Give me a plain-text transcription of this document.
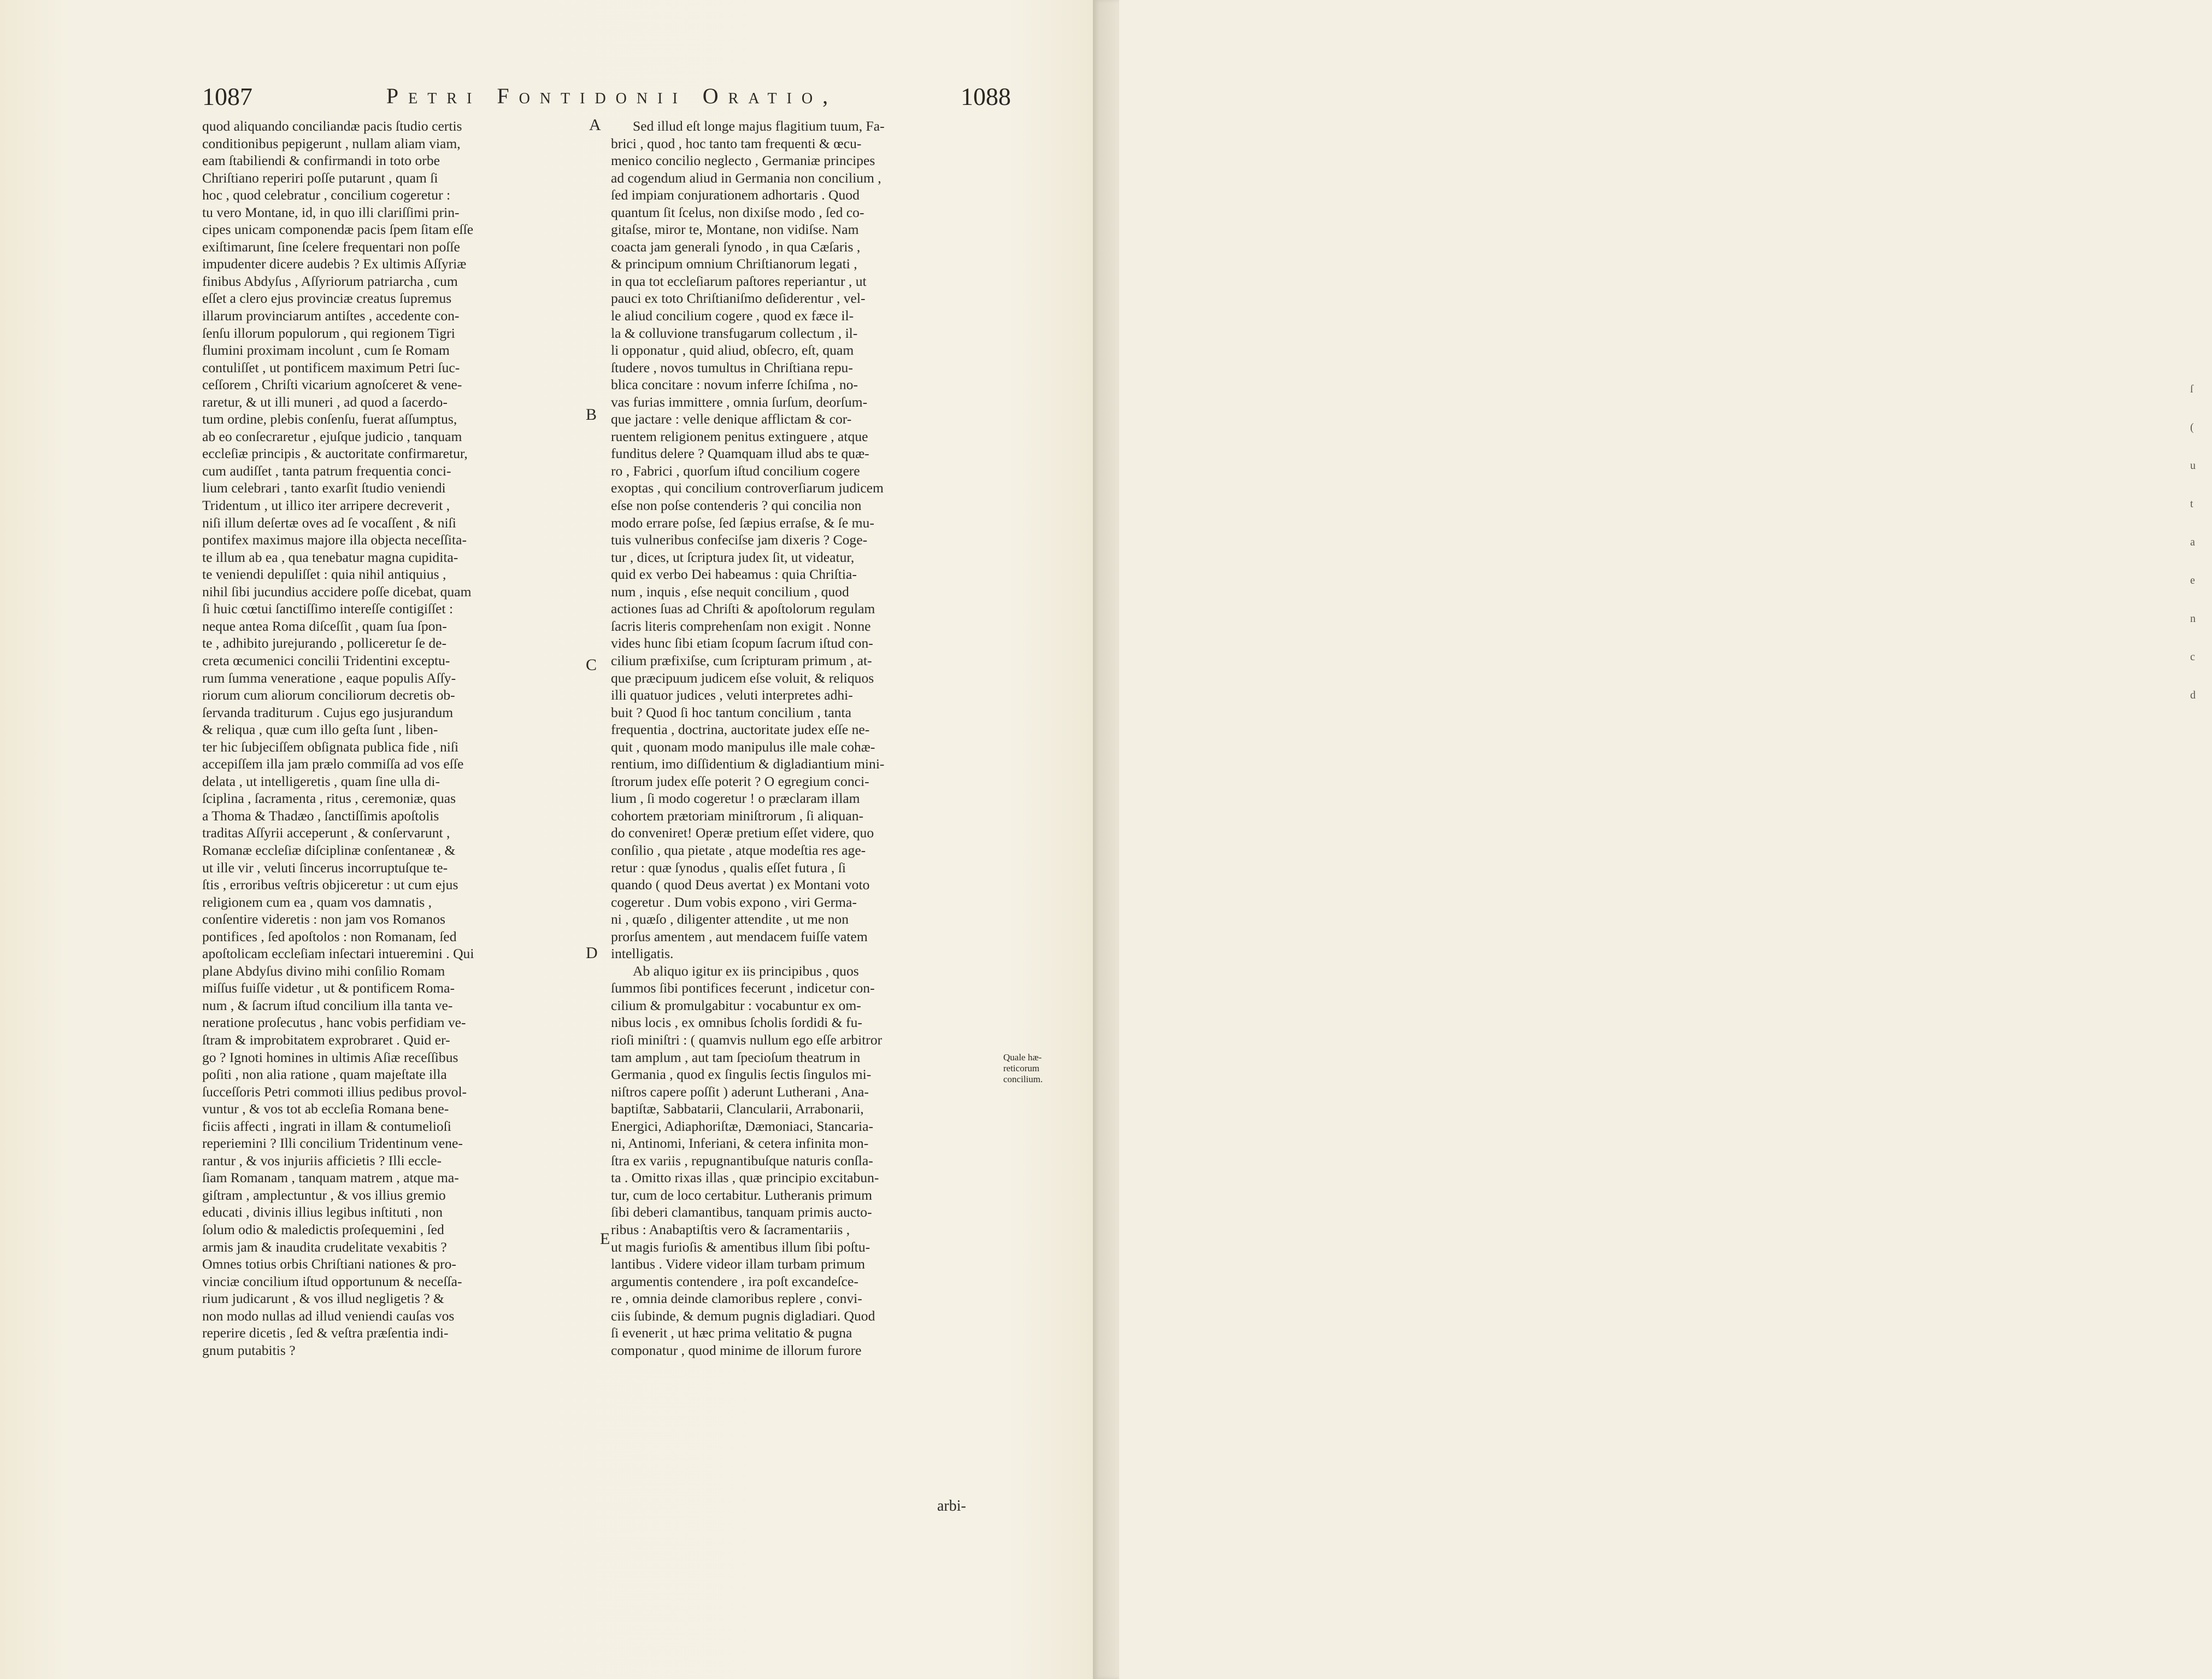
ſ
(
u
t
a
e
n
c
d
1087	Petri Fontidonii Oratio,	1088
quod aliquando conciliandæ pacis ſtudio certis
conditionibus pepigerunt , nullam aliam viam,
eam ſtabiliendi & confirmandi in toto orbe
Chriſtiano reperiri poſſe putarunt , quam ſi
hoc , quod celebratur , concilium cogeretur :
tu vero Montane, id, in quo illi clariſſimi prin-
cipes unicam componendæ pacis ſpem ſitam eſſe
exiſtimarunt, ſine ſcelere frequentari non poſſe
impudenter dicere audebis ? Ex ultimis Aſſyriæ
finibus Abdyſus , Aſſyriorum patriarcha , cum
eſſet a clero ejus provinciæ creatus ſupremus
illarum provinciarum antiſtes , accedente con-
ſenſu illorum populorum , qui regionem Tigri
flumini proximam incolunt , cum ſe Romam
contuliſſet , ut pontificem maximum Petri ſuc-
ceſſorem , Chriſti vicarium agnoſceret & vene-
raretur, & ut illi muneri , ad quod a ſacerdo-
tum ordine, plebis conſenſu, fuerat aſſumptus,
ab eo conſecraretur , ejuſque judicio , tanquam
eccleſiæ principis , & auctoritate confirmaretur,
cum audiſſet , tanta patrum frequentia conci-
lium celebrari , tanto exarſit ſtudio veniendi
Tridentum , ut illico iter arripere decreverit ,
niſi illum deſertæ oves ad ſe vocaſſent , & niſi
pontifex maximus majore illa objecta neceſſita-
te illum ab ea , qua tenebatur magna cupidita-
te veniendi depuliſſet : quia nihil antiquius ,
nihil ſibi jucundius accidere poſſe dicebat, quam
ſi huic cœtui ſanctiſſimo intereſſe contigiſſet :
neque antea Roma diſceſſit , quam ſua ſpon-
te , adhibito jurejurando , polliceretur ſe de-
creta œcumenici concilii Tridentini exceptu-
rum ſumma veneratione , eaque populis Aſſy-
riorum cum aliorum conciliorum decretis ob-
ſervanda traditurum . Cujus ego jusjurandum
& reliqua , quæ cum illo geſta ſunt , liben-
ter hic ſubjeciſſem obſignata publica fide , niſi
accepiſſem illa jam prælo commiſſa ad vos eſſe
delata , ut intelligeretis , quam ſine ulla di-
ſciplina , ſacramenta , ritus , ceremoniæ, quas
a Thoma & Thadæo , ſanctiſſimis apoſtolis
traditas Aſſyrii acceperunt , & conſervarunt ,
Romanæ eccleſiæ diſciplinæ conſentaneæ , &
ut ille vir , veluti ſincerus incorruptuſque te-
ſtis , erroribus veſtris objiceretur : ut cum ejus
religionem cum ea , quam vos damnatis ,
conſentire videretis : non jam vos Romanos
pontifices , ſed apoſtolos : non Romanam, ſed
apoſtolicam eccleſiam inſectari intueremini . Qui
plane Abdyſus divino mihi conſilio Romam
miſſus fuiſſe videtur , ut & pontificem Roma-
num , & ſacrum iſtud concilium illa tanta ve-
neratione proſecutus , hanc vobis perfidiam ve-
ſtram & improbitatem exprobraret . Quid er-
go ? Ignoti homines in ultimis Aſiæ receſſibus
poſiti , non alia ratione , quam majeſtate illa
ſucceſſoris Petri commoti illius pedibus provol-
vuntur , & vos tot ab eccleſia Romana bene-
ficiis affecti , ingrati in illam & contumelioſi
reperiemini ? Illi concilium Tridentinum vene-
rantur , & vos injuriis afficietis ? Illi eccle-
ſiam Romanam , tanquam matrem , atque ma-
giſtram , amplectuntur , & vos illius gremio
educati , divinis illius legibus inſtituti , non
ſolum odio & maledictis proſequemini , ſed
armis jam & inaudita crudelitate vexabitis ?
Omnes totius orbis Chriſtiani nationes & pro-
vinciæ concilium iſtud opportunum & neceſſa-
rium judicarunt , & vos illud negligetis ? &
non modo nullas ad illud veniendi cauſas vos
reperire dicetis , ſed & veſtra præſentia indi-
gnum putabitis ?
Sed illud eſt longe majus flagitium tuum, Fa-
brici , quod , hoc tanto tam frequenti & œcu-
menico concilio neglecto , Germaniæ principes
ad cogendum aliud in Germania non concilium ,
ſed impiam conjurationem adhortaris . Quod
quantum ſit ſcelus, non dixiſse modo , ſed co-
gitaſse, miror te, Montane, non vidiſse. Nam
coacta jam generali ſynodo , in qua Cæſaris ,
& principum omnium Chriſtianorum legati ,
in qua tot eccleſiarum paſtores reperiantur , ut
pauci ex toto Chriſtianiſmo deſiderentur , vel-
le aliud concilium cogere , quod ex fæce il-
la & colluvione transfugarum collectum , il-
li opponatur , quid aliud, obſecro, eſt, quam
ſtudere , novos tumultus in Chriſtiana repu-
blica concitare : novum inferre ſchiſma , no-
vas furias immittere , omnia ſurſum, deorſum-
que jactare : velle denique afflictam & cor-
ruentem religionem penitus extinguere , atque
funditus delere ? Quamquam illud abs te quæ-
ro , Fabrici , quorſum iſtud concilium cogere
exoptas , qui concilium controverſiarum judicem
eſse non poſse contenderis ? qui concilia non
modo errare poſse, ſed ſæpius erraſse, & ſe mu-
tuis vulneribus confeciſse jam dixeris ? Coge-
tur , dices, ut ſcriptura judex ſit, ut videatur,
quid ex verbo Dei habeamus : quia Chriſtia-
num , inquis , eſse nequit concilium , quod
actiones ſuas ad Chriſti & apoſtolorum regulam
ſacris literis comprehenſam non exigit . Nonne
vides hunc ſibi etiam ſcopum ſacrum iſtud con-
cilium præfixiſse, cum ſcripturam primum , at-
que præcipuum judicem eſse voluit, & reliquos
illi quatuor judices , veluti interpretes adhi-
buit ? Quod ſi hoc tantum concilium , tanta
frequentia , doctrina, auctoritate judex eſſe ne-
quit , quonam modo manipulus ille male cohæ-
rentium, imo diſſidentium & digladiantium mini-
ſtrorum judex eſſe poterit ? O egregium conci-
lium , ſi modo cogeretur ! o præclaram illam
cohortem prætoriam miniſtrorum , ſi aliquan-
do conveniret! Operæ pretium eſſet videre, quo
conſilio , qua pietate , atque modeſtia res age-
retur : quæ ſynodus , qualis eſſet futura , ſi
quando ( quod Deus avertat ) ex Montani voto
cogeretur . Dum vobis expono , viri Germa-
ni , quæſo , diligenter attendite , ut me non
prorſus amentem , aut mendacem fuiſſe vatem
intelligatis.
Ab aliquo igitur ex iis principibus , quos
ſummos ſibi pontifices fecerunt , indicetur con-
cilium & promulgabitur : vocabuntur ex om-
nibus locis , ex omnibus ſcholis ſordidi & fu-
rioſi miniſtri : ( quamvis nullum ego eſſe arbitror
tam amplum , aut tam ſpecioſum theatrum in
Germania , quod ex ſingulis ſectis ſingulos mi-
niſtros capere poſſit ) aderunt Lutherani , Ana-
baptiſtæ, Sabbatarii, Clancularii, Arrabonarii,
Energici, Adiaphoriſtæ, Dæmoniaci, Stancaria-
ni, Antinomi, Inferiani, & cetera infinita mon-
ſtra ex variis , repugnantibuſque naturis conſla-
ta . Omitto rixas illas , quæ principio excitabun-
tur, cum de loco certabitur. Lutheranis primum
ſibi deberi clamantibus, tanquam primis aucto-
ribus : Anabaptiſtis vero & ſacramentariis ,
ut magis furioſis & amentibus illum ſibi poſtu-
lantibus . Videre videor illam turbam primum
argumentis contendere , ira poſt excandeſce-
re , omnia deinde clamoribus replere , convi-
ciis ſubinde, & demum pugnis digladiari. Quod
ſi evenerit , ut hæc prima velitatio & pugna
componatur , quod minime de illorum furore
A
B
C
D
E
Quale hæ-
reticorum
concilium.
arbi-
